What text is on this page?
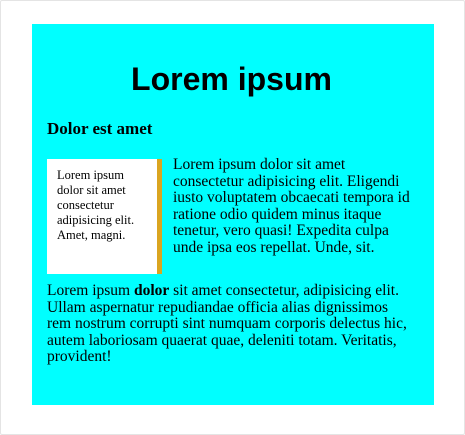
Lorem ipsum
Dolor est amet
Lorem ipsum dolor sit amet consectetur adipisicing elit. Amet, magni.

Lorem ipsum dolor sit amet consectetur adipisicing elit. Eligendi iusto voluptatem obcaecati tempora id ratione odio quidem minus itaque tenetur, vero quasi! Expedita culpa unde ipsa eos repellat. Unde, sit.

Lorem ipsum dolor sit amet consectetur, adipisicing elit. Ullam aspernatur repudiandae officia alias dignissimos rem nostrum corrupti sint numquam corporis delectus hic, autem laboriosam quaerat quae, deleniti totam. Veritatis, provident!
